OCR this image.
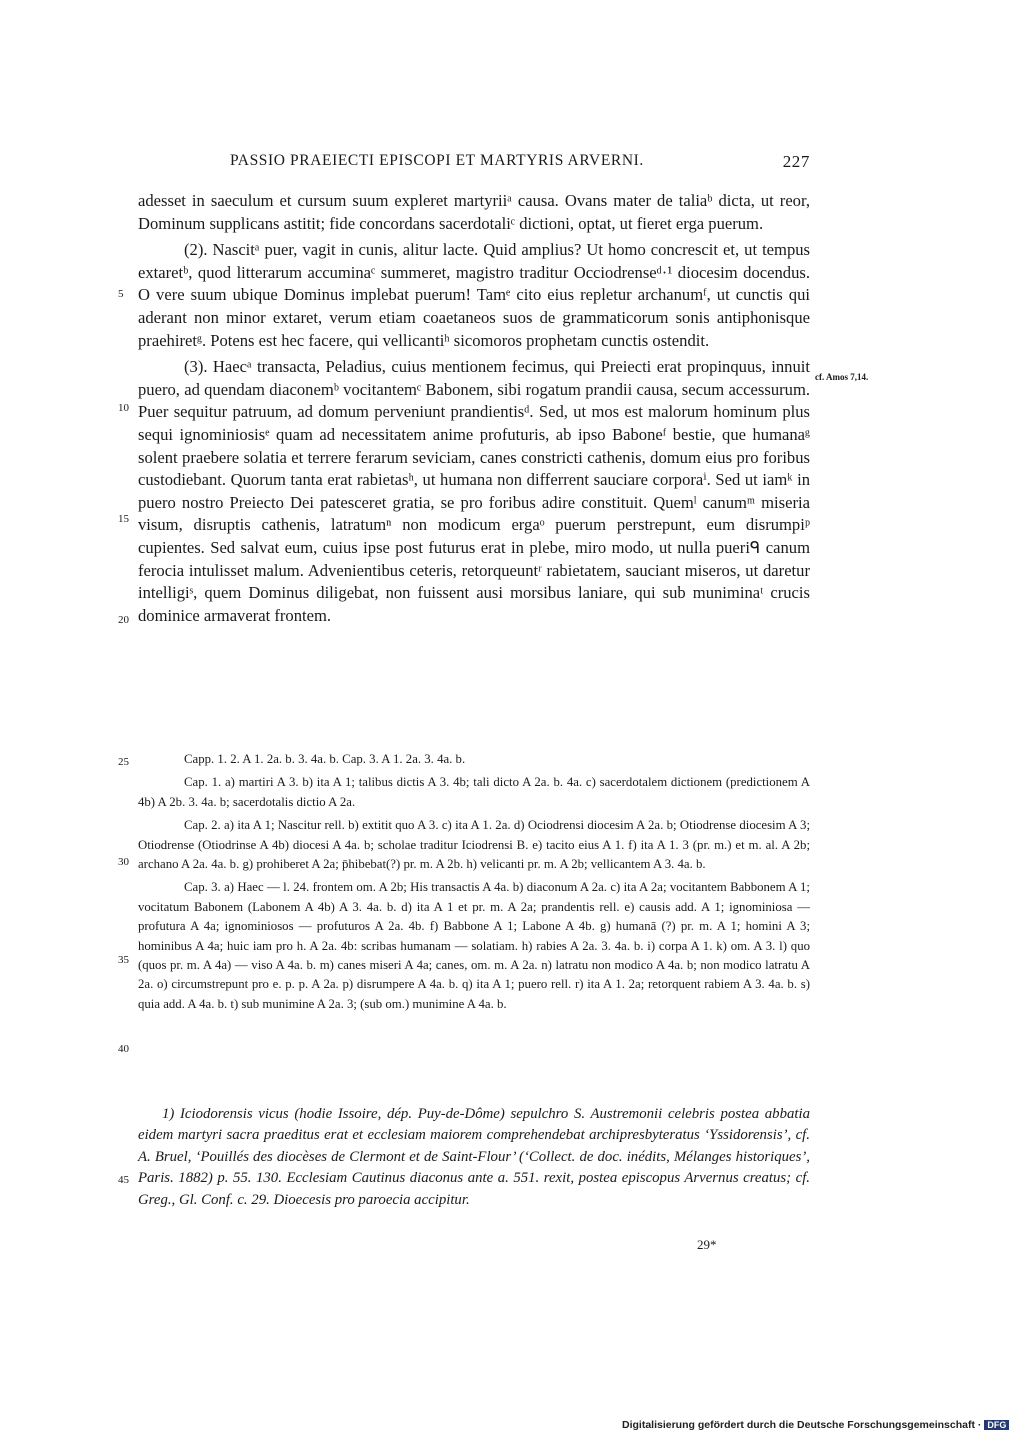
PASSIO PRAEIECTI EPISCOPI ET MARTYRIS ARVERNI.	227

adesset in saeculum et cursum suum expleret martyriiᵃ causa. Ovans mater de taliaᵇ dicta, ut reor, Dominum supplicans astitit; fide concordans sacerdotaliᶜ dictioni, optat, ut fieret erga puerum.

(2). Nascitᵃ puer, vagit in cunis, alitur lacte. Quid amplius? Ut homo concrescit et, ut tempus extaretᵇ, quod litterarum accuminaᶜ summeret, magistro traditur Occiodrenseᵈ·¹ diocesim docendus. O vere suum ubique Dominus implebat puerum! Tamᵉ cito eius repletur archanumᶠ, ut cunctis qui aderant non minor extaret, verum etiam coaetaneos suos de grammaticorum sonis antiphonisque praehiretᵍ. Potens est hec facere, qui vellicantiʰ sicomoros prophetam cunctis ostendit.

(3). Haecᵃ transacta, Peladius, cuius mentionem fecimus, qui Preiecti erat propinquus, innuit puero, ad quendam diaconemᵇ vocitantemᶜ Babonem, sibi rogatum prandii causa, secum accessurum. Puer sequitur patruum, ad domum perveniunt prandientisᵈ. Sed, ut mos est malorum hominum plus sequi ignominiosisᵉ quam ad necessitatem anime profuturis, ab ipso Baboneᶠ bestie, que humanaᵍ solent praebere solatia et terrere ferarum seviciam, canes constricti cathenis, domum eius pro foribus custodiebant. Quorum tanta erat rabietasʰ, ut humana non differrent sauciare corporaⁱ. Sed ut iamᵏ in puero nostro Preiecto Dei patesceret gratia, se pro foribus adire constituit. Quemˡ canumᵐ miseria visum, disruptis cathenis, latratumⁿ non modicum ergaᵒ puerum perstrepunt, eum disrumpiᵖ cupientes. Sed salvat eum, cuius ipse post futurus erat in plebe, miro modo, ut nulla pueriᑫ canum ferocia intulisset malum. Advenientibus ceteris, retorqueuntʳ rabietatem, sauciant miseros, ut daretur intelligiˢ, quem Dominus diligebat, non fuissent ausi morsibus laniare, qui sub muniminaᵗ crucis dominice armaverat frontem.

cf. Amos 7,14.
5
10
15
20
25
30
35
40
45

Capp. 1. 2. A 1. 2a. b. 3. 4a. b. Cap. 3. A 1. 2a. 3. 4a. b.

Cap. 1. a) martiri A 3. b) ita A 1; talibus dictis A 3. 4b; tali dicto A 2a. b. 4a. c) sacerdotalem dictionem (predictionem A 4b) A 2b. 3. 4a. b; sacerdotalis dictio A 2a.

Cap. 2. a) ita A 1; Nascitur rell. b) extitit quo A 3. c) ita A 1. 2a. d) Ociodrensi diocesim A 2a. b; Otiodrense diocesim A 3; Otiodrense (Otiodrinse A 4b) diocesi A 4a. b; scholae traditur Iciodrensi B. e) tacito eius A 1. f) ita A 1. 3 (pr. m.) et m. al. A 2b; archano A 2a. 4a. b. g) prohiberet A 2a; p̄hibebat(?) pr. m. A 2b. h) velicanti pr. m. A 2b; vellicantem A 3. 4a. b.

Cap. 3. a) Haec — l. 24. frontem om. A 2b; His transactis A 4a. b) diaconum A 2a. c) ita A 2a; vocitantem Babbonem A 1; vocitatum Babonem (Labonem A 4b) A 3. 4a. b. d) ita A 1 et pr. m. A 2a; prandentis rell. e) causis add. A 1; ignominiosa — profutura A 4a; ignominiosos — profuturos A 2a. 4b. f) Babbone A 1; Labone A 4b. g) humanā (?) pr. m. A 1; homini A 3; hominibus A 4a; huic iam pro h. A 2a. 4b: scribas humanam — solatiam. h) rabies A 2a. 3. 4a. b. i) corpa A 1. k) om. A 3. l) quo (quos pr. m. A 4a) — viso A 4a. b. m) canes miseri A 4a; canes, om. m. A 2a. n) latratu non modico A 4a. b; non modico latratu A 2a. o) circumstrepunt pro e. p. p. A 2a. p) disrumpere A 4a. b. q) ita A 1; puero rell. r) ita A 1. 2a; retorquent rabiem A 3. 4a. b. s) quia add. A 4a. b. t) sub munimine A 2a. 3; (sub om.) munimine A 4a. b.

1) Iciodorensis vicus (hodie Issoire, dép. Puy-de-Dôme) sepulchro S. Austremonii celebris postea abbatia eidem martyri sacra praeditus erat et ecclesiam maiorem comprehendebat archipresbyteratus ‘Yssidorensis’, cf. A. Bruel, ‘Pouillés des diocèses de Clermont et de Saint-Flour’ (‘Collect. de doc. inédits, Mélanges historiques’, Paris. 1882) p. 55. 130. Ecclesiam Cautinus diaconus ante a. 551. rexit, postea episcopus Arvernus creatus; cf. Greg., Gl. Conf. c. 29. Dioecesis pro paroecia accipitur.

29*
Digitalisierung gefördert durch die Deutsche Forschungsgemeinschaft · DFG
